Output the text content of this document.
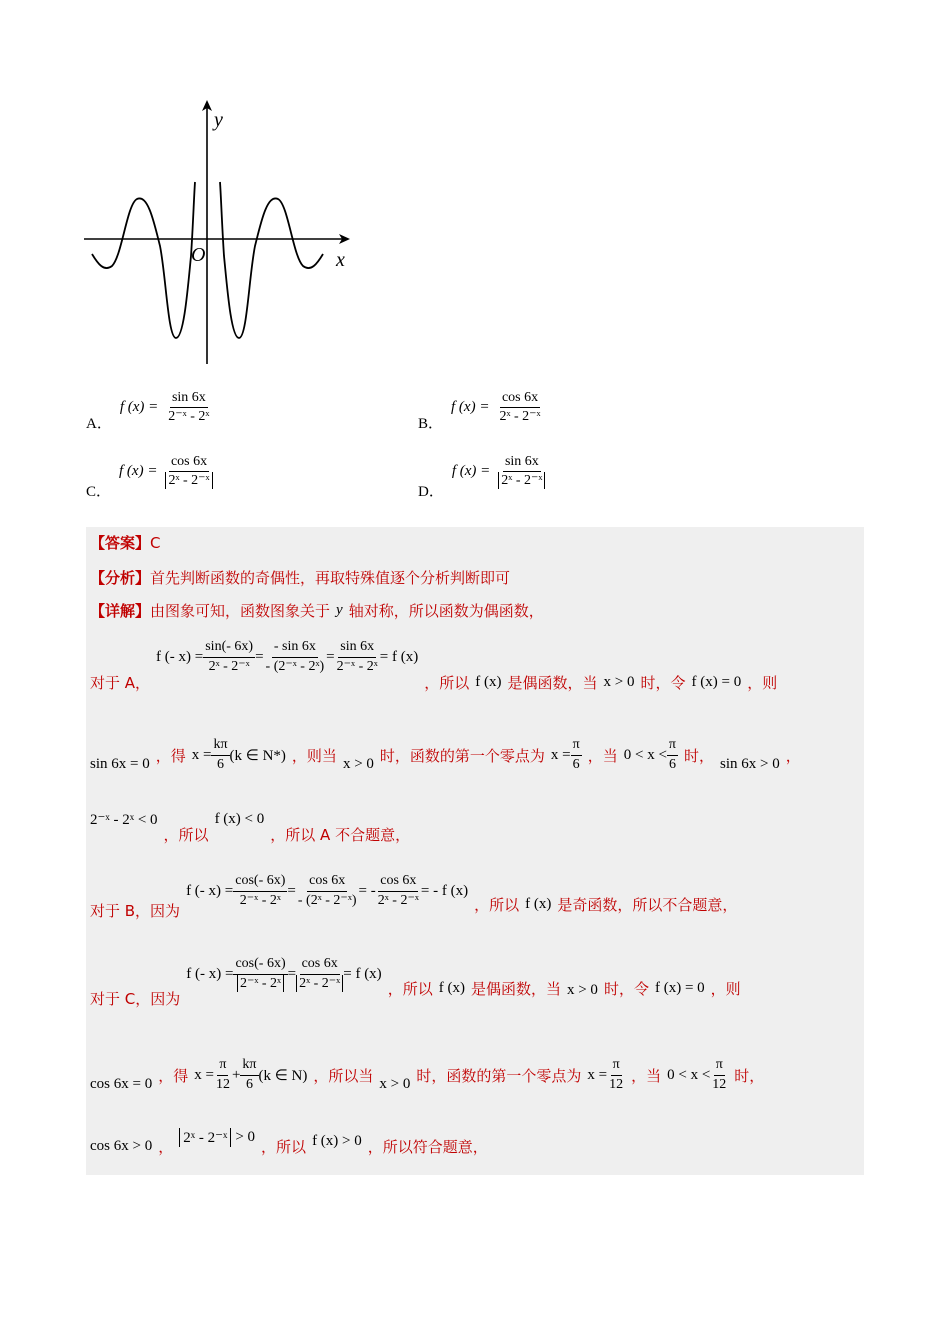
y
x
O
A．
f $(x) = \frac{\sin 6x}{\text{2⁻ˣ - 2ˣ}}$	B．
f $(x) = \frac{\cos 6x}{\text{2ˣ - 2⁻ˣ}}$
C．
f $(x) = \frac{\cos 6x}{\text{2ˣ - 2⁻ˣ}}$
D．
f $(x) = \frac{\sin 6x}{\text{2ˣ - 2⁻ˣ}}$
【答案】 C
【分析】 首先判断函数的奇偶性，再取特殊值逐个分析判断即可
【详解】 由图象可知，函数图象关于 y 轴对称，所以函数为偶函数，
对于 A，
f (- $x) = \frac{\sin(- 6x)}{\text{2ˣ - 2⁻ˣ}} = \frac{- \sin 6x}{\text{- (2⁻ˣ - 2ˣ)}} = \frac{\sin 6x}{\text{2⁻ˣ - 2ˣ}} = f$ (x)
，所以 f (x) 是偶函数，当 x > 0 时，令 f (x) = 0 ，则
sin 6x = 0 ，得 $x = \frac{k\pi}{6} (k$ ∈ N*) ，则当 x > 0 时，函数的第一个零点为 $x = \frac{\pi}{6}$ ，当 $0 < x < \frac{\pi}{6}$ 时， sin 6x > 0 ，
2⁻ˣ - 2ˣ < 0
，所以
f (x) < 0
，所以 A 不合题意，
对于 B，因为
f (- $x) = \frac{\cos(- 6x)}{\text{2⁻ˣ - 2ˣ}} = \frac{\cos 6x}{\text{- (2ˣ - 2⁻ˣ)}}$ = - $\frac{\cos 6x}{\text{2ˣ - 2⁻ˣ}}$ = - f (x)
，所以 f (x) 是奇函数，所以不合题意，
对于 C，因为
f (- $x) = \frac{\cos(- 6x)}{\text{2⁻ˣ - 2ˣ}} = \frac{\cos 6x}{\text{2ˣ - 2⁻ˣ}} = f$ (x)
，所以 f (x) 是偶函数，当 x > 0 时，令 f (x) = 0 ，则
cos 6x = 0 ，得 $x = \frac{\pi}{12} + \frac{k\pi}{6} (k$ ∈ N) ，所以当 x > 0 时，函数的第一个零点为 $x = \frac{\pi}{12}$ ，当 $0 < x < \frac{\pi}{12}$ 时，
cos 6x > 0 ， 2ˣ - 2⁻ˣ > 0
，所以 f (x) > 0 ，所以符合题意，
